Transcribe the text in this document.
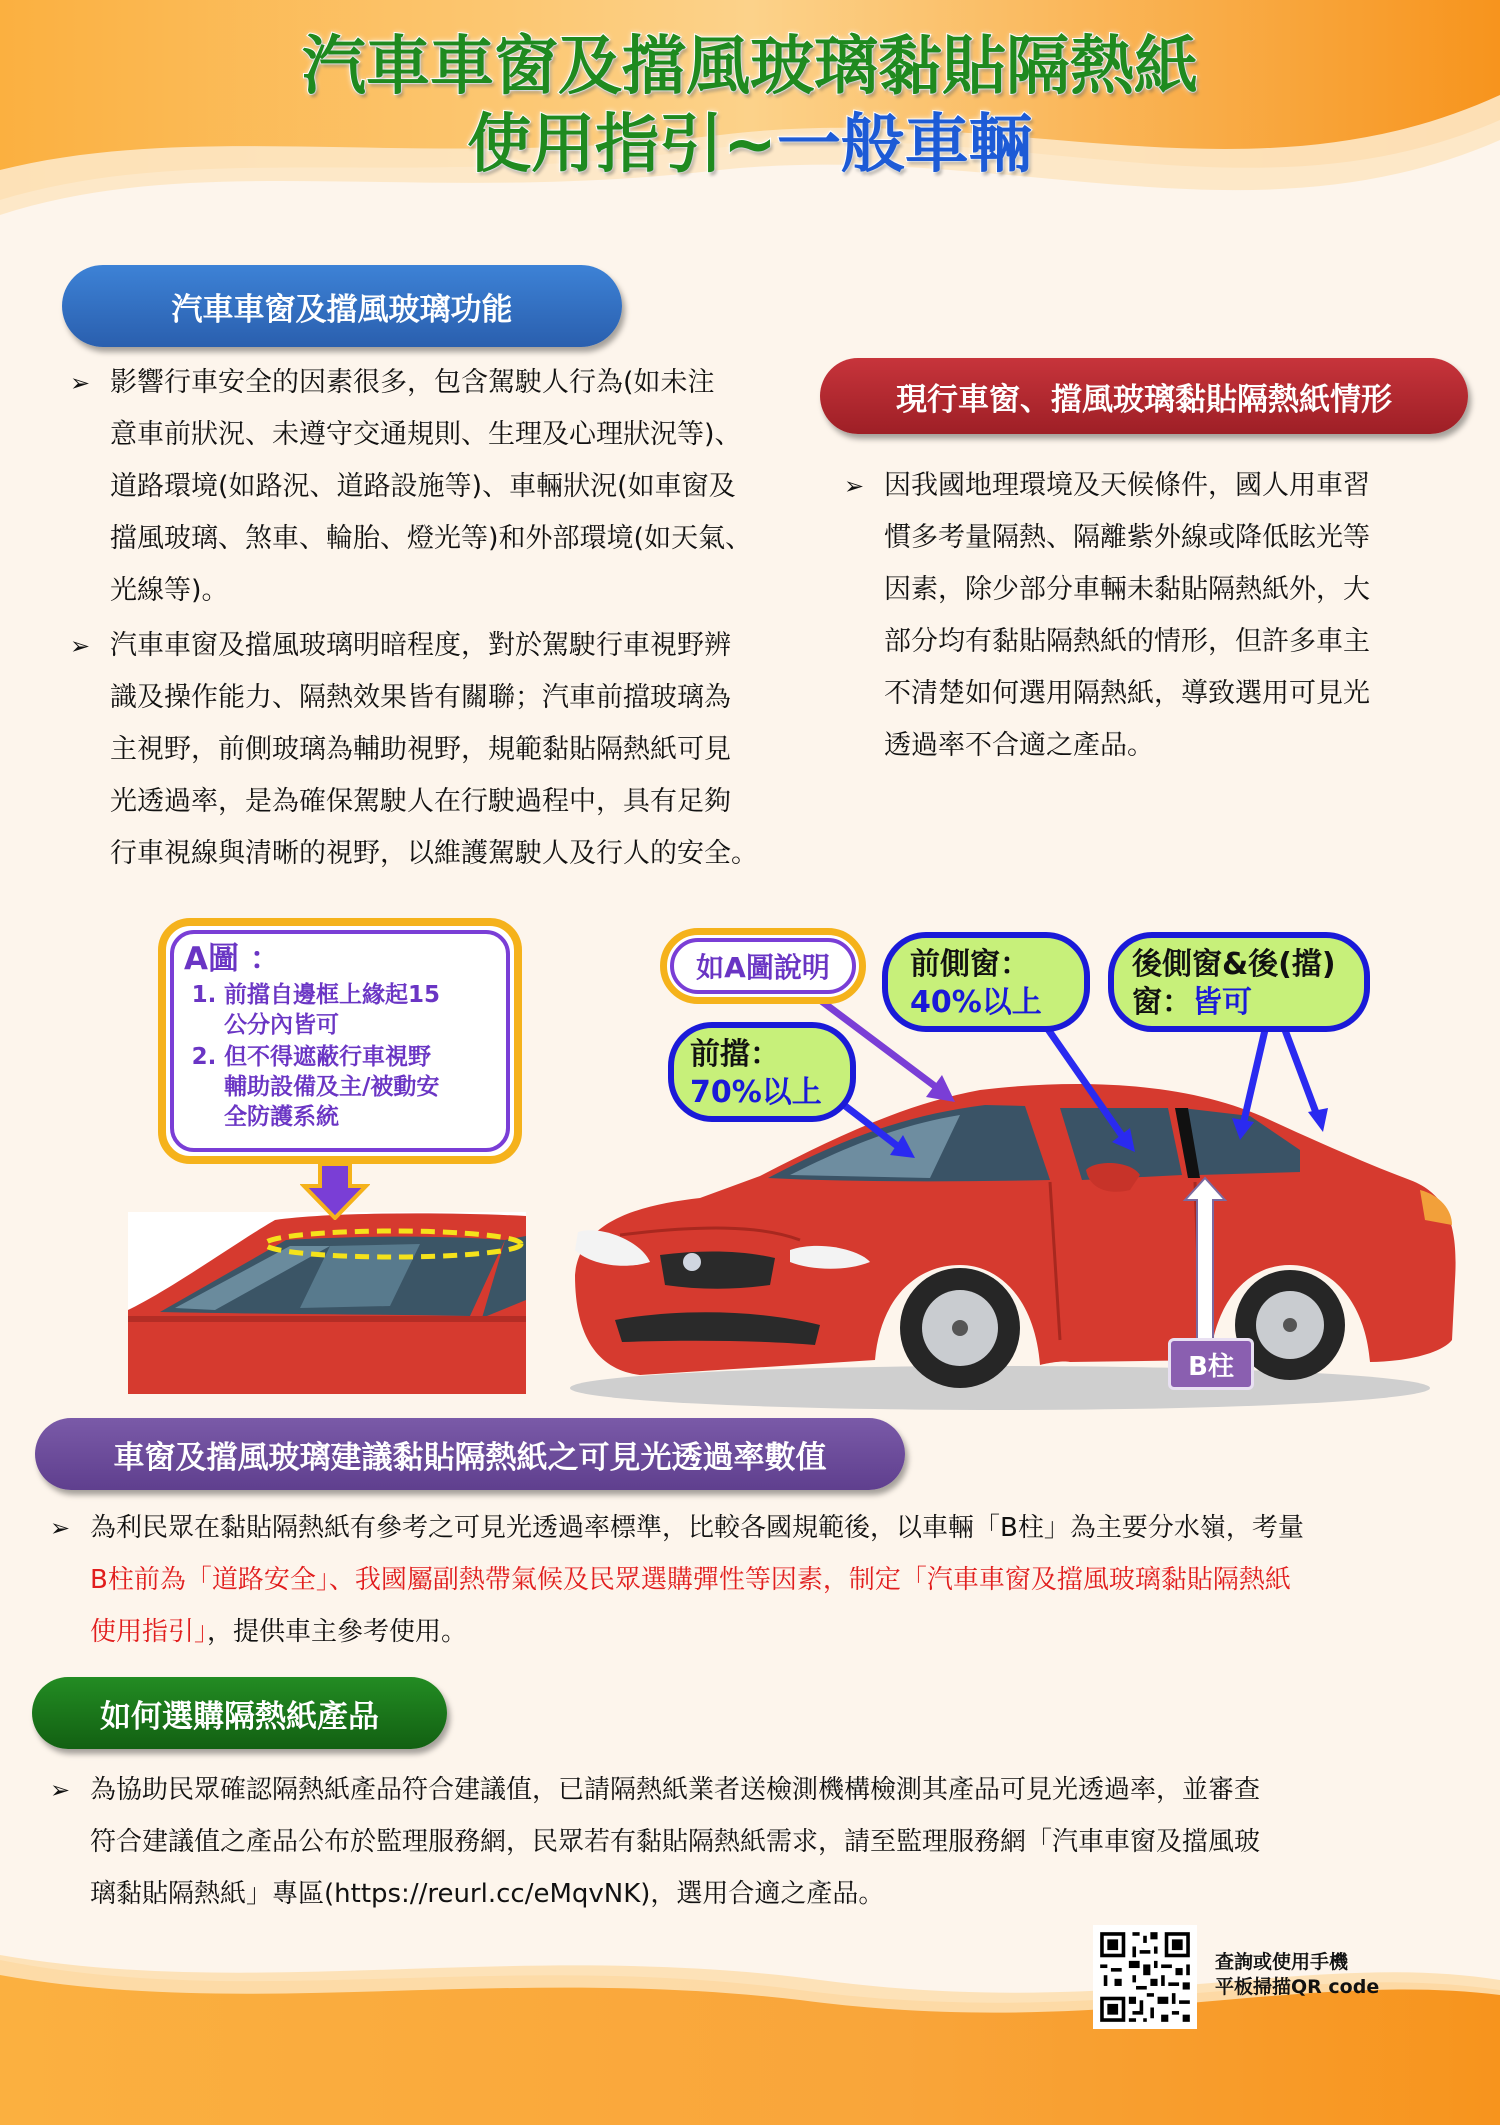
汽車車窗及擋風玻璃黏貼隔熱紙
使用指引~一般車輛
汽車車窗及擋風玻璃功能
➢ 影響行車安全的因素很多，包含駕駛人行為(如未注
意車前狀況、未遵守交通規則、生理及心理狀況等)、
道路環境(如路況、道路設施等)、車輛狀況(如車窗及
擋風玻璃、煞車、輪胎、燈光等)和外部環境(如天氣、
光線等)。
➢ 汽車車窗及擋風玻璃明暗程度，對於駕駛行車視野辨
識及操作能力、隔熱效果皆有關聯；汽車前擋玻璃為
主視野，前側玻璃為輔助視野，規範黏貼隔熱紙可見
光透過率，是為確保駕駛人在行駛過程中，具有足夠
行車視線與清晰的視野，以維護駕駛人及行人的安全。
現行車窗、擋風玻璃黏貼隔熱紙情形
➢ 因我國地理環境及天候條件，國人用車習
慣多考量隔熱、隔離紫外線或降低眩光等
因素，除少部分車輛未黏貼隔熱紙外，大
部分均有黏貼隔熱紙的情形，但許多車主
不清楚如何選用隔熱紙，導致選用可見光
透過率不合適之產品。
A圖 ：
1. 前擋自邊框上緣起15
公分內皆可
2. 但不得遮蔽行車視野
輔助設備及主/被動安
全防護系統
如A圖說明
前擋：
70%以上
前側窗：
40%以上
後側窗&後(擋)
窗：皆可
B柱
車窗及擋風玻璃建議黏貼隔熱紙之可見光透過率數值
➢ 為利民眾在黏貼隔熱紙有參考之可見光透過率標準，比較各國規範後，以車輛「B柱」為主要分水嶺，考量
B柱前為「道路安全」、我國屬副熱帶氣候及民眾選購彈性等因素，制定「汽車車窗及擋風玻璃黏貼隔熱紙
使用指引」，提供車主參考使用。
如何選購隔熱紙產品
➢ 為協助民眾確認隔熱紙產品符合建議值，已請隔熱紙業者送檢測機構檢測其產品可見光透過率，並審查
符合建議值之產品公布於監理服務網，民眾若有黏貼隔熱紙需求，請至監理服務網「汽車車窗及擋風玻
璃黏貼隔熱紙」專區(https://reurl.cc/eMqvNK)，選用合適之產品。
查詢或使用手機
平板掃描QR code
